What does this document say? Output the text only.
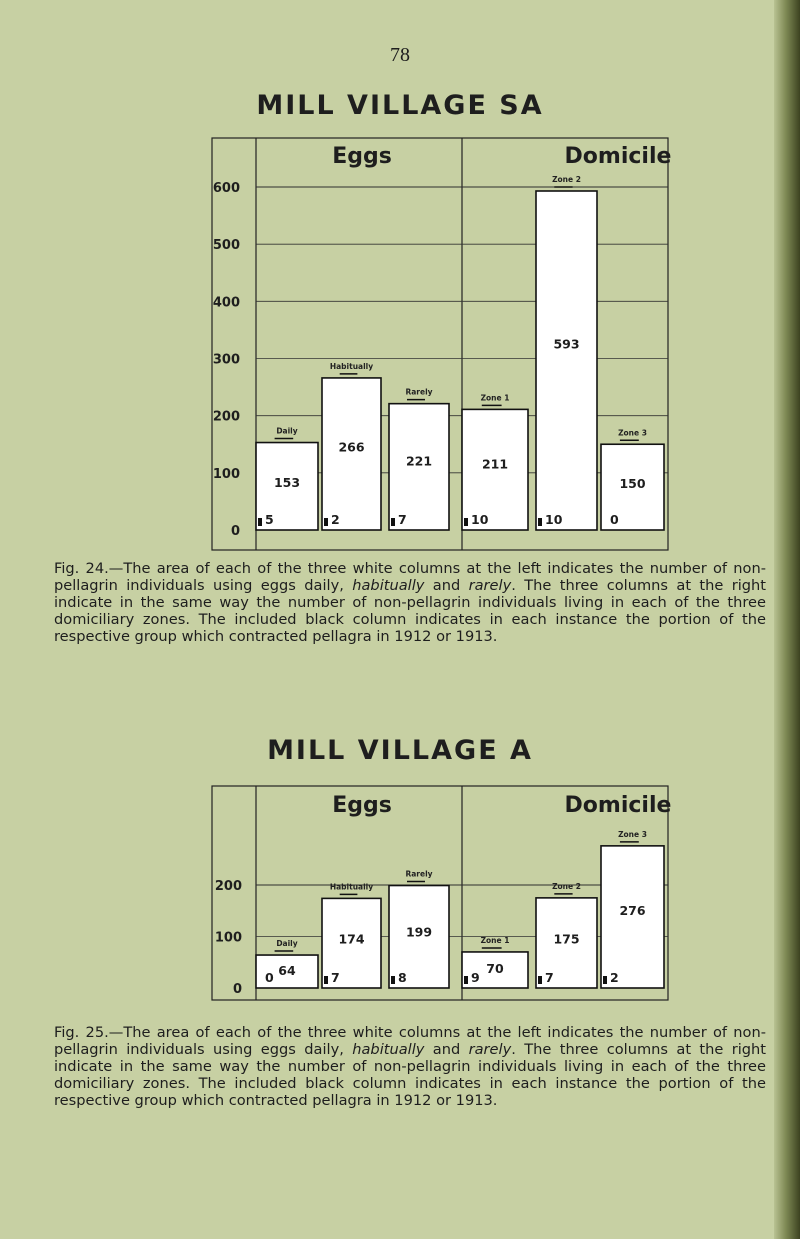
78
MILL VILLAGE SA
0
100
200
300
400
500
600
Eggs	Domicile
Daily
153
5
Habitually
266
2
Rarely
221
7
Zone 1
211
10
Zone 2
593
10
Zone 3
150
0
Fig. 24.—The area of each of the three white columns at the left indicates the number of non-pellagrin individuals using eggs daily, habitually and rarely. The three columns at the right indicate in the same way the number of non-pellagrin individuals living in each of the three domiciliary zones. The included black column indicates in each instance the portion of the respective group which contracted pellagra in 1912 or 1913.
MILL VILLAGE A
0
100
200
Eggs	Domicile
Daily
64
0
Habitually
174
7
Rarely
199
8
Zone 1
70
9
Zone 2
175
7
Zone 3
276
2
Fig. 25.—The area of each of the three white columns at the left indicates the number of non-pellagrin individuals using eggs daily, habitually and rarely. The three columns at the right indicate in the same way the number of non-pellagrin individuals living in each of the three domiciliary zones. The included black column indicates in each instance the portion of the respective group which contracted pellagra in 1912 or 1913.
